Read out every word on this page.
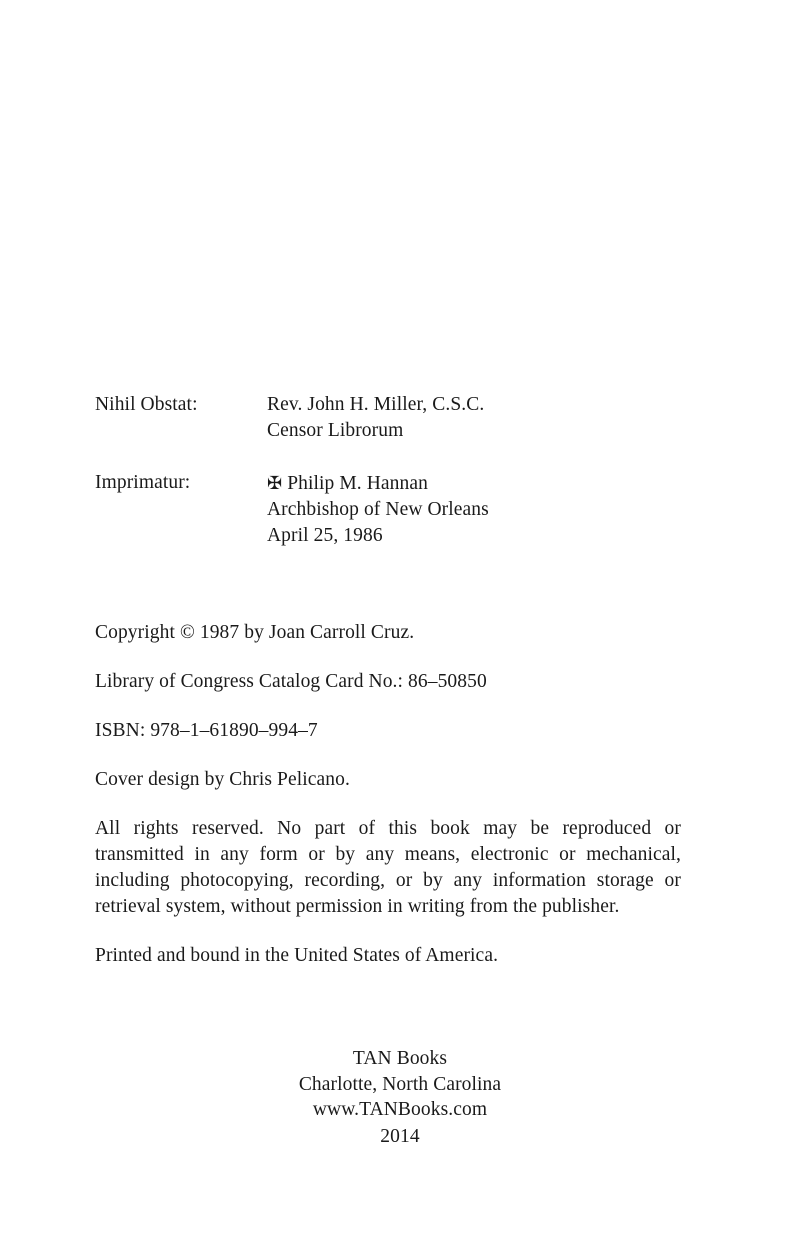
Nihil Obstat:	Rev. John H. Miller, C.S.C.
Censor Librorum
Imprimatur:	✠ Philip M. Hannan
Archbishop of New Orleans
April 25, 1986

Copyright © 1987 by Joan Carroll Cruz.

Library of Congress Catalog Card No.: 86–50850

ISBN: 978–1–61890–994–7

Cover design by Chris Pelicano.

All rights reserved. No part of this book may be reproduced or transmitted in any form or by any means, electronic or mechanical, including photocopying, recording, or by any information storage or retrieval system, without permission in writing from the publisher.

Printed and bound in the United States of America.

TAN Books
Charlotte, North Carolina
www.TANBooks.com
2014
